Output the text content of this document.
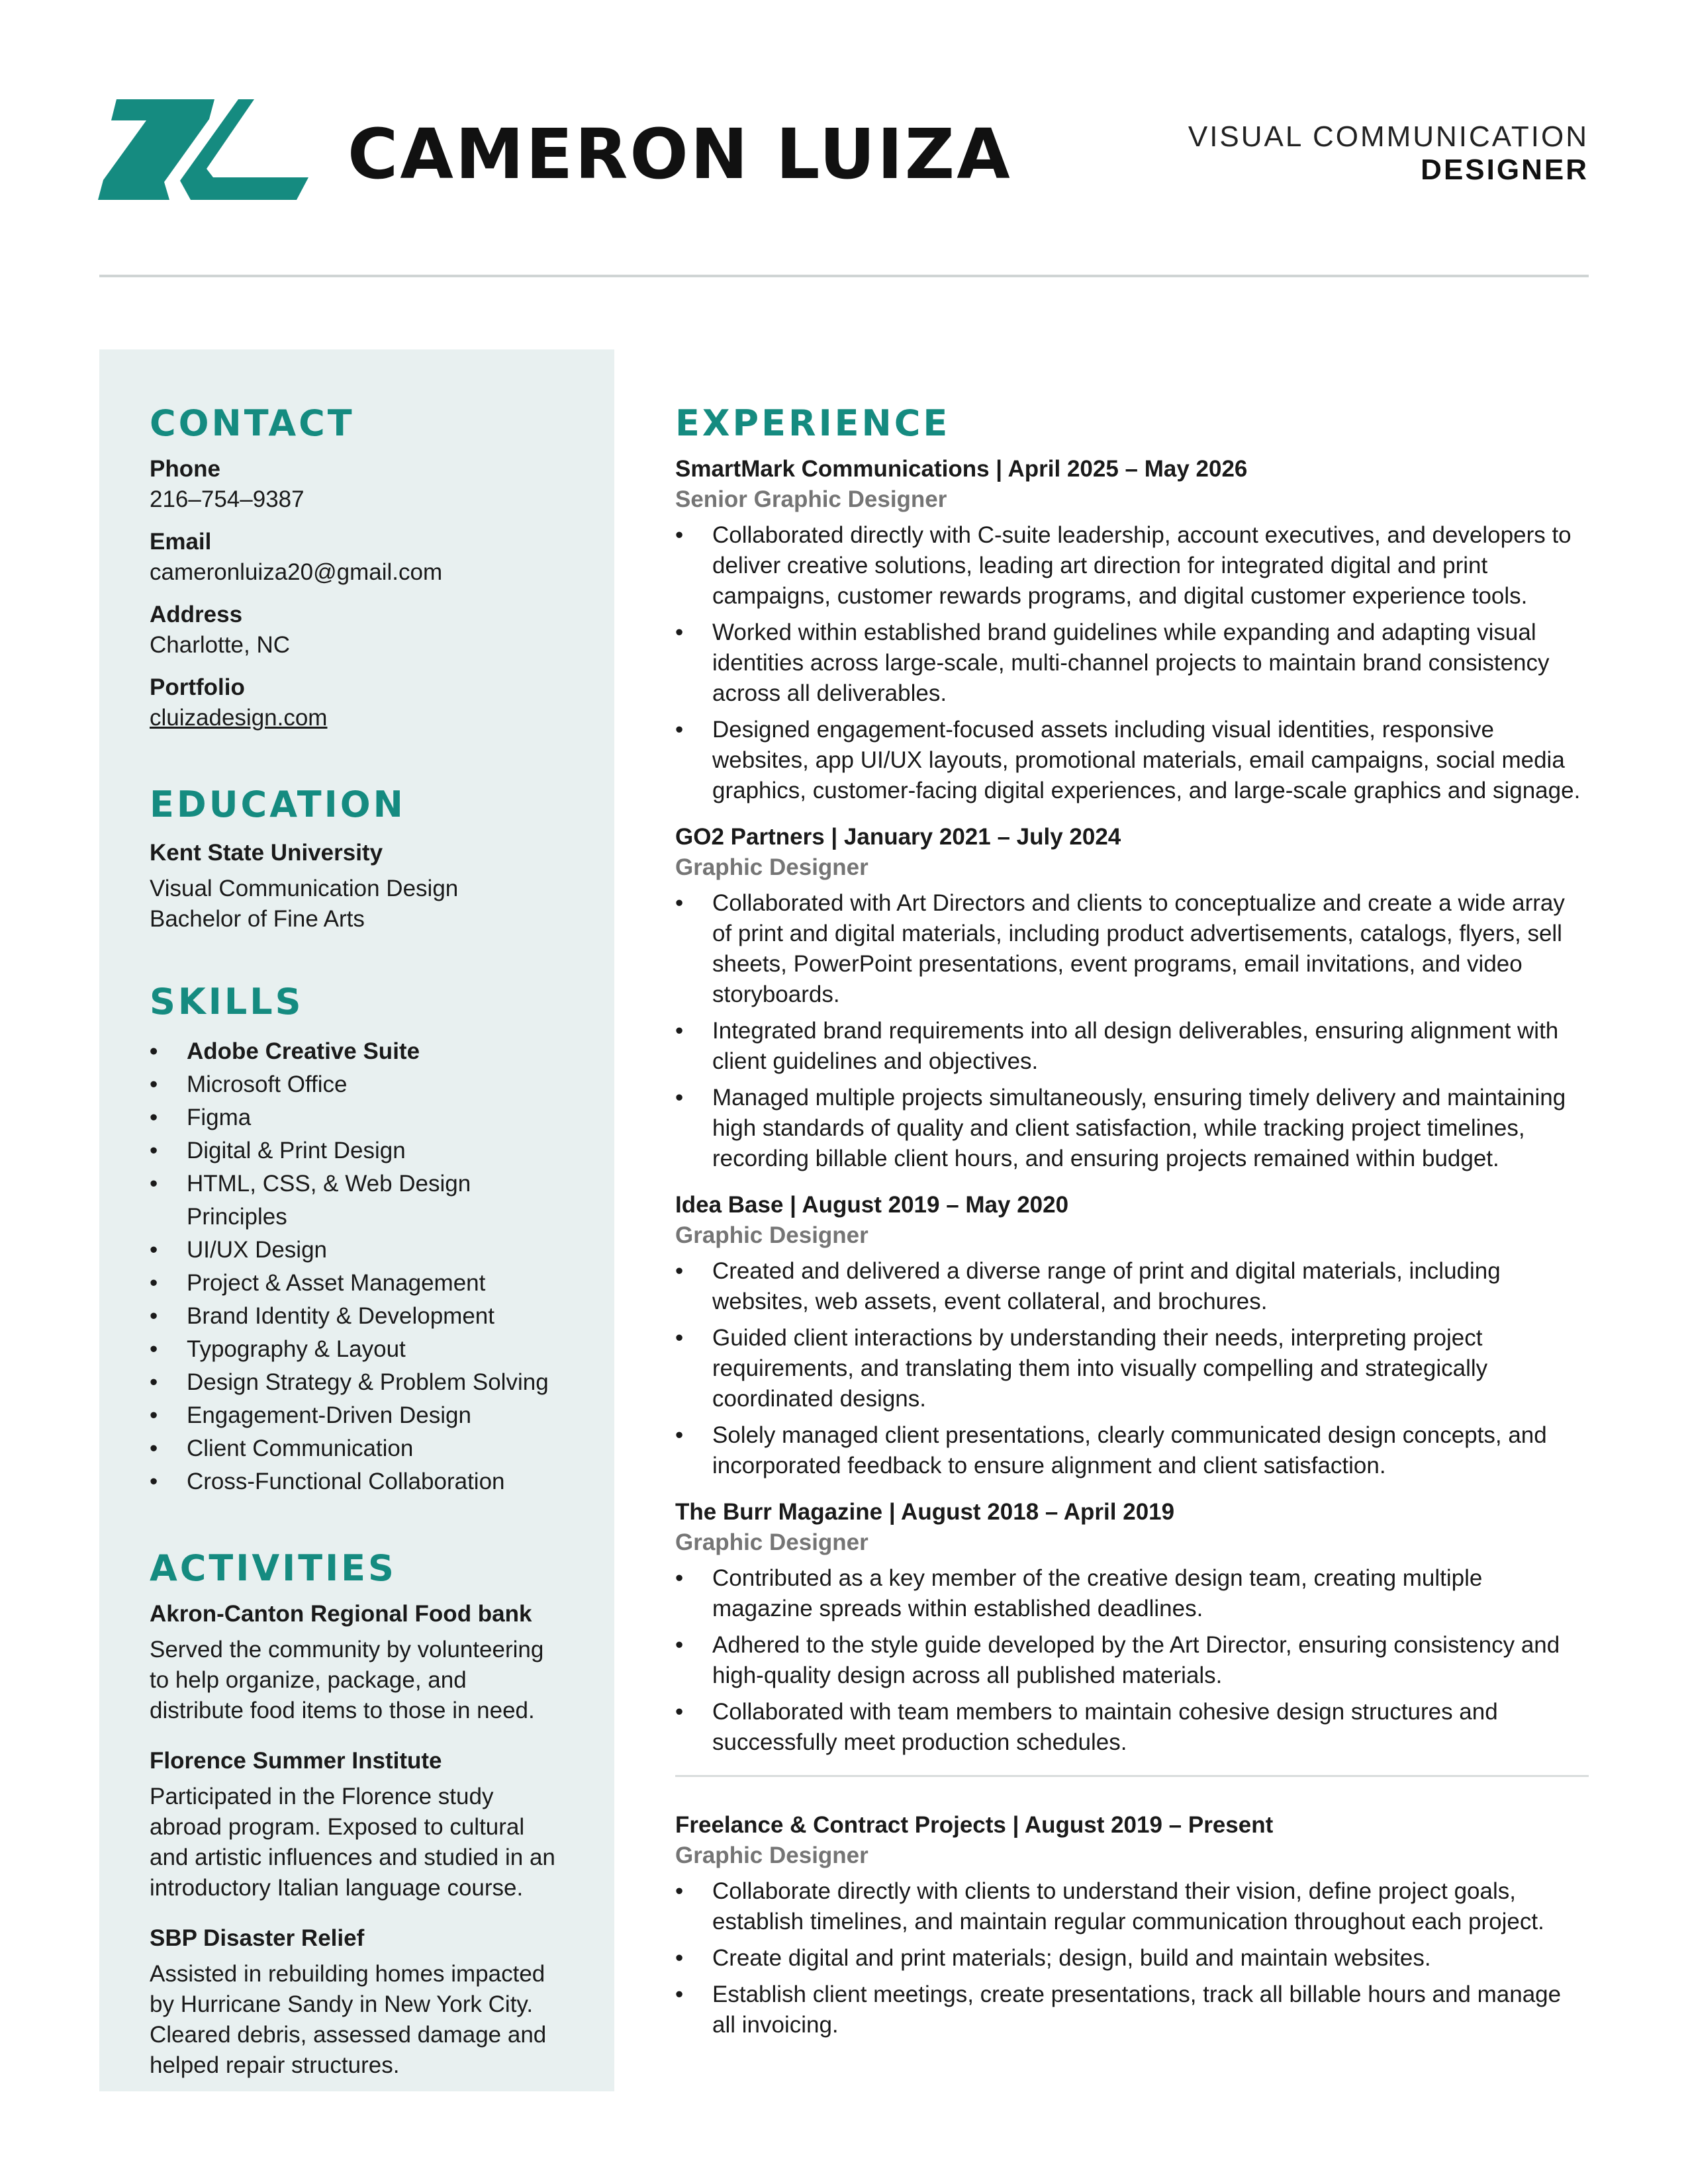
CAMERON LUIZA	VISUAL COMMUNICATION
DESIGNER
CONTACT

Phone

216–754–9387

Email

cameronluiza20@gmail.com

Address

Charlotte, NC

Portfolio

cluizadesign.com

EDUCATION

Kent State University

Visual Communication Design

Bachelor of Fine Arts

SKILLS
• Adobe Creative Suite
• Microsoft Office
• Figma
• Digital & Print Design
• HTML, CSS, & Web Design Principles
• UI/UX Design
• Project & Asset Management
• Brand Identity & Development
• Typography & Layout
• Design Strategy & Problem Solving
• Engagement-Driven Design
• Client Communication
• Cross-Functional Collaboration
ACTIVITIES

Akron-Canton Regional Food bank

Served the community by volunteering to help organize, package, and distribute food items to those in need.

Florence Summer Institute

Participated in the Florence study abroad program. Exposed to cultural and artistic influences and studied in an introductory Italian language course.

SBP Disaster Relief

Assisted in rebuilding homes impacted by Hurricane Sandy in New York City. Cleared debris, assessed damage and helped repair structures.

EXPERIENCE

SmartMark Communications | April 2025 – May 2026

Senior Graphic Designer

• Collaborated directly with C-suite leadership, account executives, and developers to deliver creative solutions, leading art direction for integrated digital and print campaigns, customer rewards programs, and digital customer experience tools.
• Worked within established brand guidelines while expanding and adapting visual identities across large-scale, multi-channel projects to maintain brand consistency across all deliverables.
• Designed engagement-focused assets including visual identities, responsive websites, app UI/UX layouts, promotional materials, email campaigns, social media graphics, customer-facing digital experiences, and large-scale graphics and signage.

GO2 Partners | January 2021 – July 2024

Graphic Designer

• Collaborated with Art Directors and clients to conceptualize and create a wide array of print and digital materials, including product advertisements, catalogs, flyers, sell sheets, PowerPoint presentations, event programs, email invitations, and video storyboards.
• Integrated brand requirements into all design deliverables, ensuring alignment with client guidelines and objectives.
• Managed multiple projects simultaneously, ensuring timely delivery and maintaining high standards of quality and client satisfaction, while tracking project timelines, recording billable client hours, and ensuring projects remained within budget.

Idea Base | August 2019 – May 2020

Graphic Designer

• Created and delivered a diverse range of print and digital materials, including websites, web assets, event collateral, and brochures.
• Guided client interactions by understanding their needs, interpreting project requirements, and translating them into visually compelling and strategically coordinated designs.
• Solely managed client presentations, clearly communicated design concepts, and incorporated feedback to ensure alignment and client satisfaction.

The Burr Magazine | August 2018 – April 2019

Graphic Designer

• Contributed as a key member of the creative design team, creating multiple magazine spreads within established deadlines.
• Adhered to the style guide developed by the Art Director, ensuring consistency and high-quality design across all published materials.
• Collaborated with team members to maintain cohesive design structures and successfully meet production schedules.

Freelance & Contract Projects | August 2019 – Present

Graphic Designer

• Collaborate directly with clients to understand their vision, define project goals, establish timelines, and maintain regular communication throughout each project.
• Create digital and print materials; design, build and maintain websites.
• Establish client meetings, create presentations, track all billable hours and manage all invoicing.
